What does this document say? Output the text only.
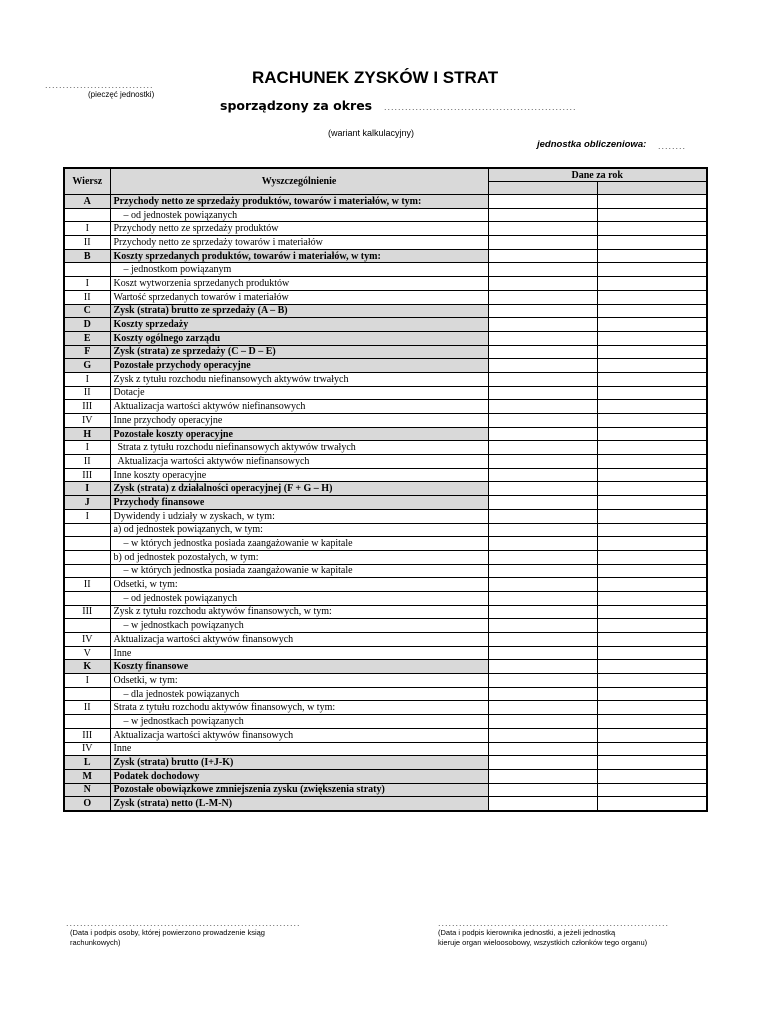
...............................
(pieczęć jednostki)
RACHUNEK ZYSKÓW I STRAT
sporządzony za okres .......................................................
(wariant kalkulacyjny)
jednostka obliczeniowa: ........
Wiersz	Wyszczególnienie	Dane za rok	

A	Przychody netto ze sprzedaży produktów, towarów i materiałów, w tym:		
	– od jednostek powiązanych		
I	Przychody netto ze sprzedaży produktów		
II	Przychody netto ze sprzedaży towarów i materiałów		
B	Koszty sprzedanych produktów, towarów i materiałów, w tym:		
	– jednostkom powiązanym		
I	Koszt wytworzenia sprzedanych produktów		
II	Wartość sprzedanych towarów i materiałów		
C	Zysk (strata) brutto ze sprzedaży (A – B)		
D	Koszty sprzedaży		
E	Koszty ogólnego zarządu		
F	Zysk (strata) ze sprzedaży (C – D – E)		
G	Pozostałe przychody operacyjne		
I	Zysk z tytułu rozchodu niefinansowych aktywów trwałych		
II	Dotacje		
III	Aktualizacja wartości aktywów niefinansowych		
IV	Inne przychody operacyjne		
H	Pozostałe koszty operacyjne		
I	Strata z tytułu rozchodu niefinansowych aktywów trwałych		
II	Aktualizacja wartości aktywów niefinansowych		
III	Inne koszty operacyjne		
I	Zysk (strata) z działalności operacyjnej (F + G – H)		
J	Przychody finansowe		
I	Dywidendy i udziały w zyskach, w tym:		
	a) od jednostek powiązanych, w tym:		
	– w których jednostka posiada zaangażowanie w kapitale		
	b) od jednostek pozostałych, w tym:		
	– w których jednostka posiada zaangażowanie w kapitale		
II	Odsetki, w tym:		
	– od jednostek powiązanych		
III	Zysk z tytułu rozchodu aktywów finansowych, w tym:		
	– w jednostkach powiązanych		
IV	Aktualizacja wartości aktywów finansowych		
V	Inne		
K	Koszty finansowe		
I	Odsetki, w tym:		
	– dla jednostek powiązanych		
II	Strata z tytułu rozchodu aktywów finansowych, w tym:		
	– w jednostkach powiązanych		
III	Aktualizacja wartości aktywów finansowych		
IV	Inne		
L	Zysk (strata) brutto (I+J-K)		
M	Podatek dochodowy		
N	Pozostałe obowiązkowe zmniejszenia zysku (zwiększenia straty)		
O	Zysk (strata) netto (L-M-N)		
...................................................................
(Data i podpis osoby, której powierzono prowadzenie ksiąg
rachunkowych)
..................................................................
(Data i podpis kierownika jednostki, a jeżeli jednostką
kieruje organ wieloosobowy, wszystkich członków tego organu)
